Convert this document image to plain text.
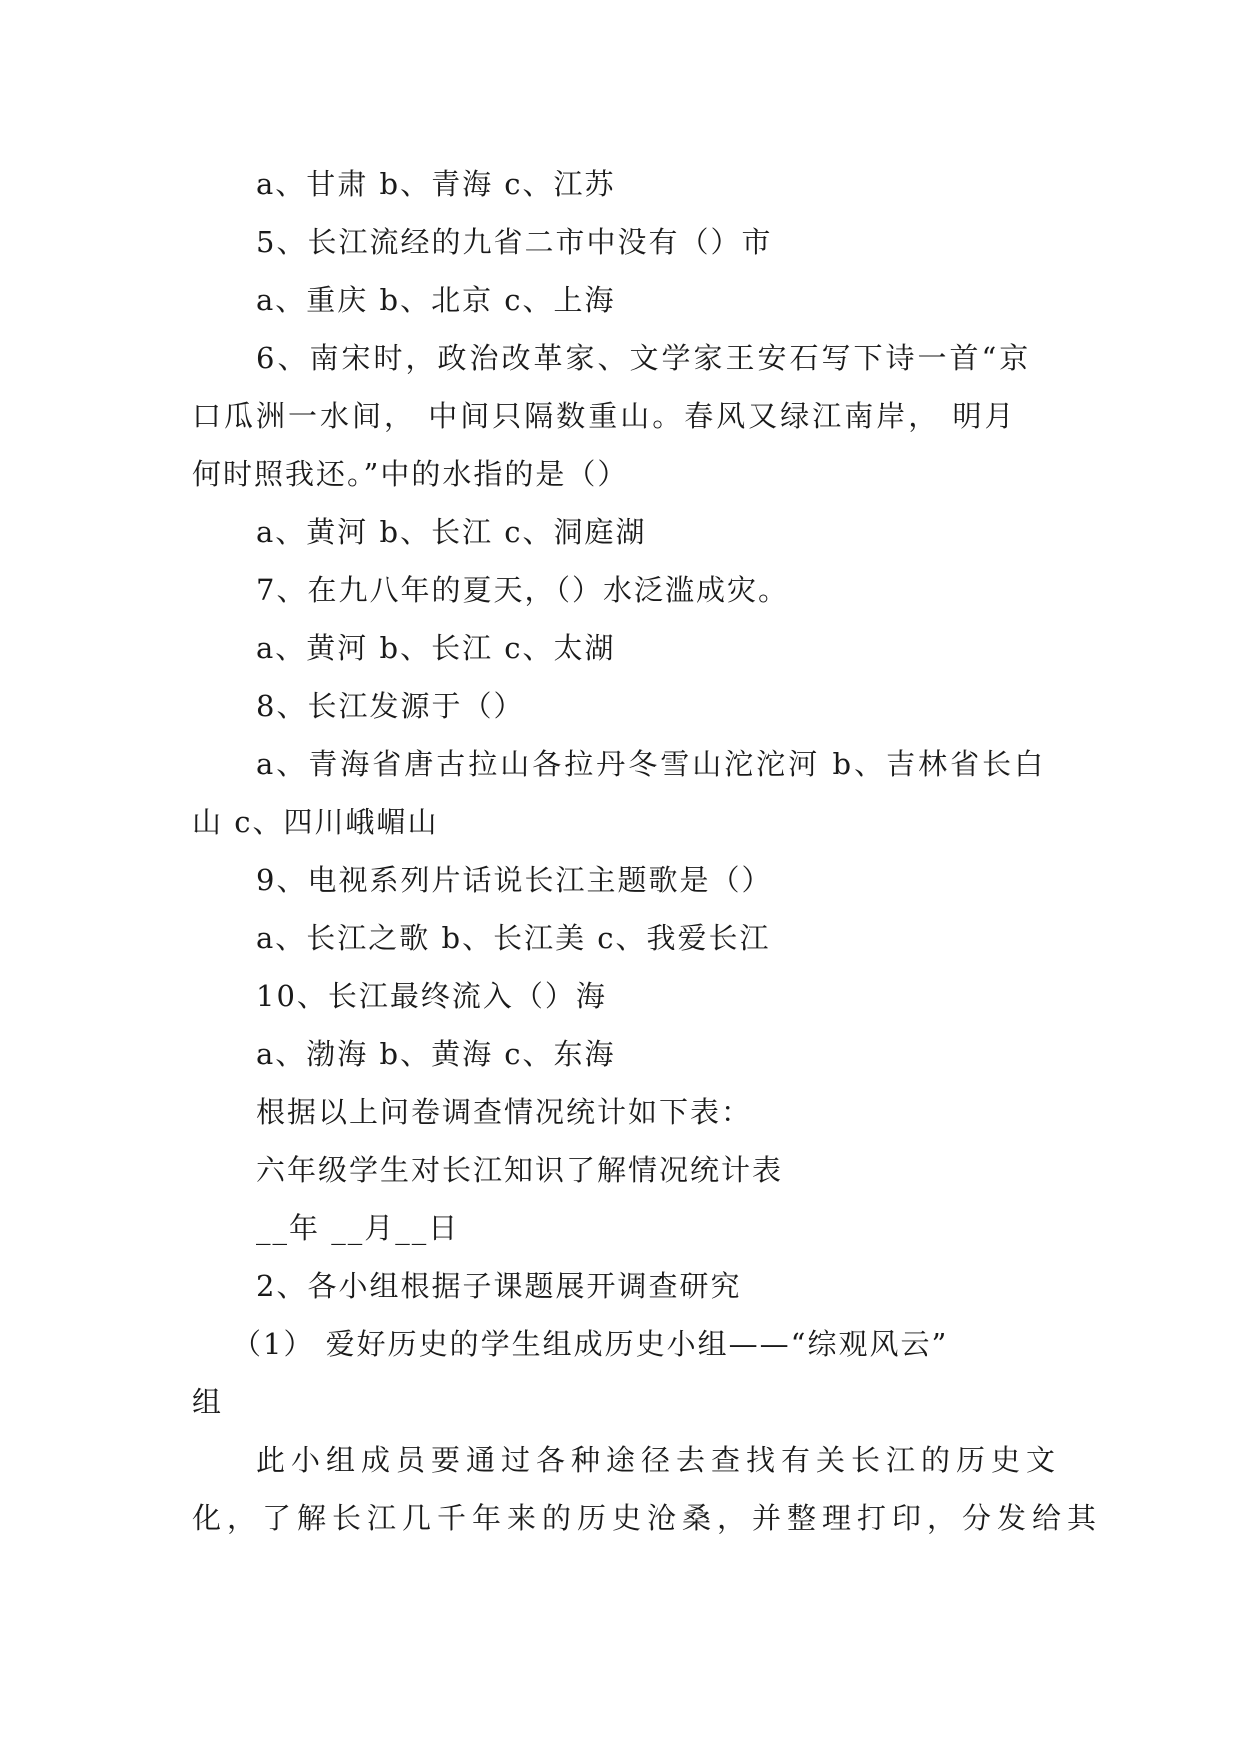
a、甘肃 b、青海 c、江苏
5、长江流经的九省二市中没有（）市
a、重庆 b、北京 c、上海
6、南宋时，政治改革家、文学家王安石写下诗一首“京
口瓜洲一水间， 中间只隔数重山。春风又绿江南岸， 明月
何时照我还。”中的水指的是（）
a、黄河 b、长江 c、洞庭湖
7、在九八年的夏天，（）水泛滥成灾。
a、黄河 b、长江 c、太湖
8、长江发源于（）
a、青海省唐古拉山各拉丹冬雪山沱沱河 b、吉林省长白
山 c、四川峨嵋山
9、电视系列片话说长江主题歌是（）
a、长江之歌 b、长江美 c、我爱长江
10、长江最终流入（）海
a、渤海 b、黄海 c、东海
根据以上问卷调查情况统计如下表：
六年级学生对长江知识了解情况统计表
__年 __月__日
2、各小组根据子课题展开调查研究
（1） 爱好历史的学生组成历史小组——“综观风云”
组
此小组成员要通过各种途径去查找有关长江的历史文
化，了解长江几千年来的历史沧桑，并整理打印，分发给其
